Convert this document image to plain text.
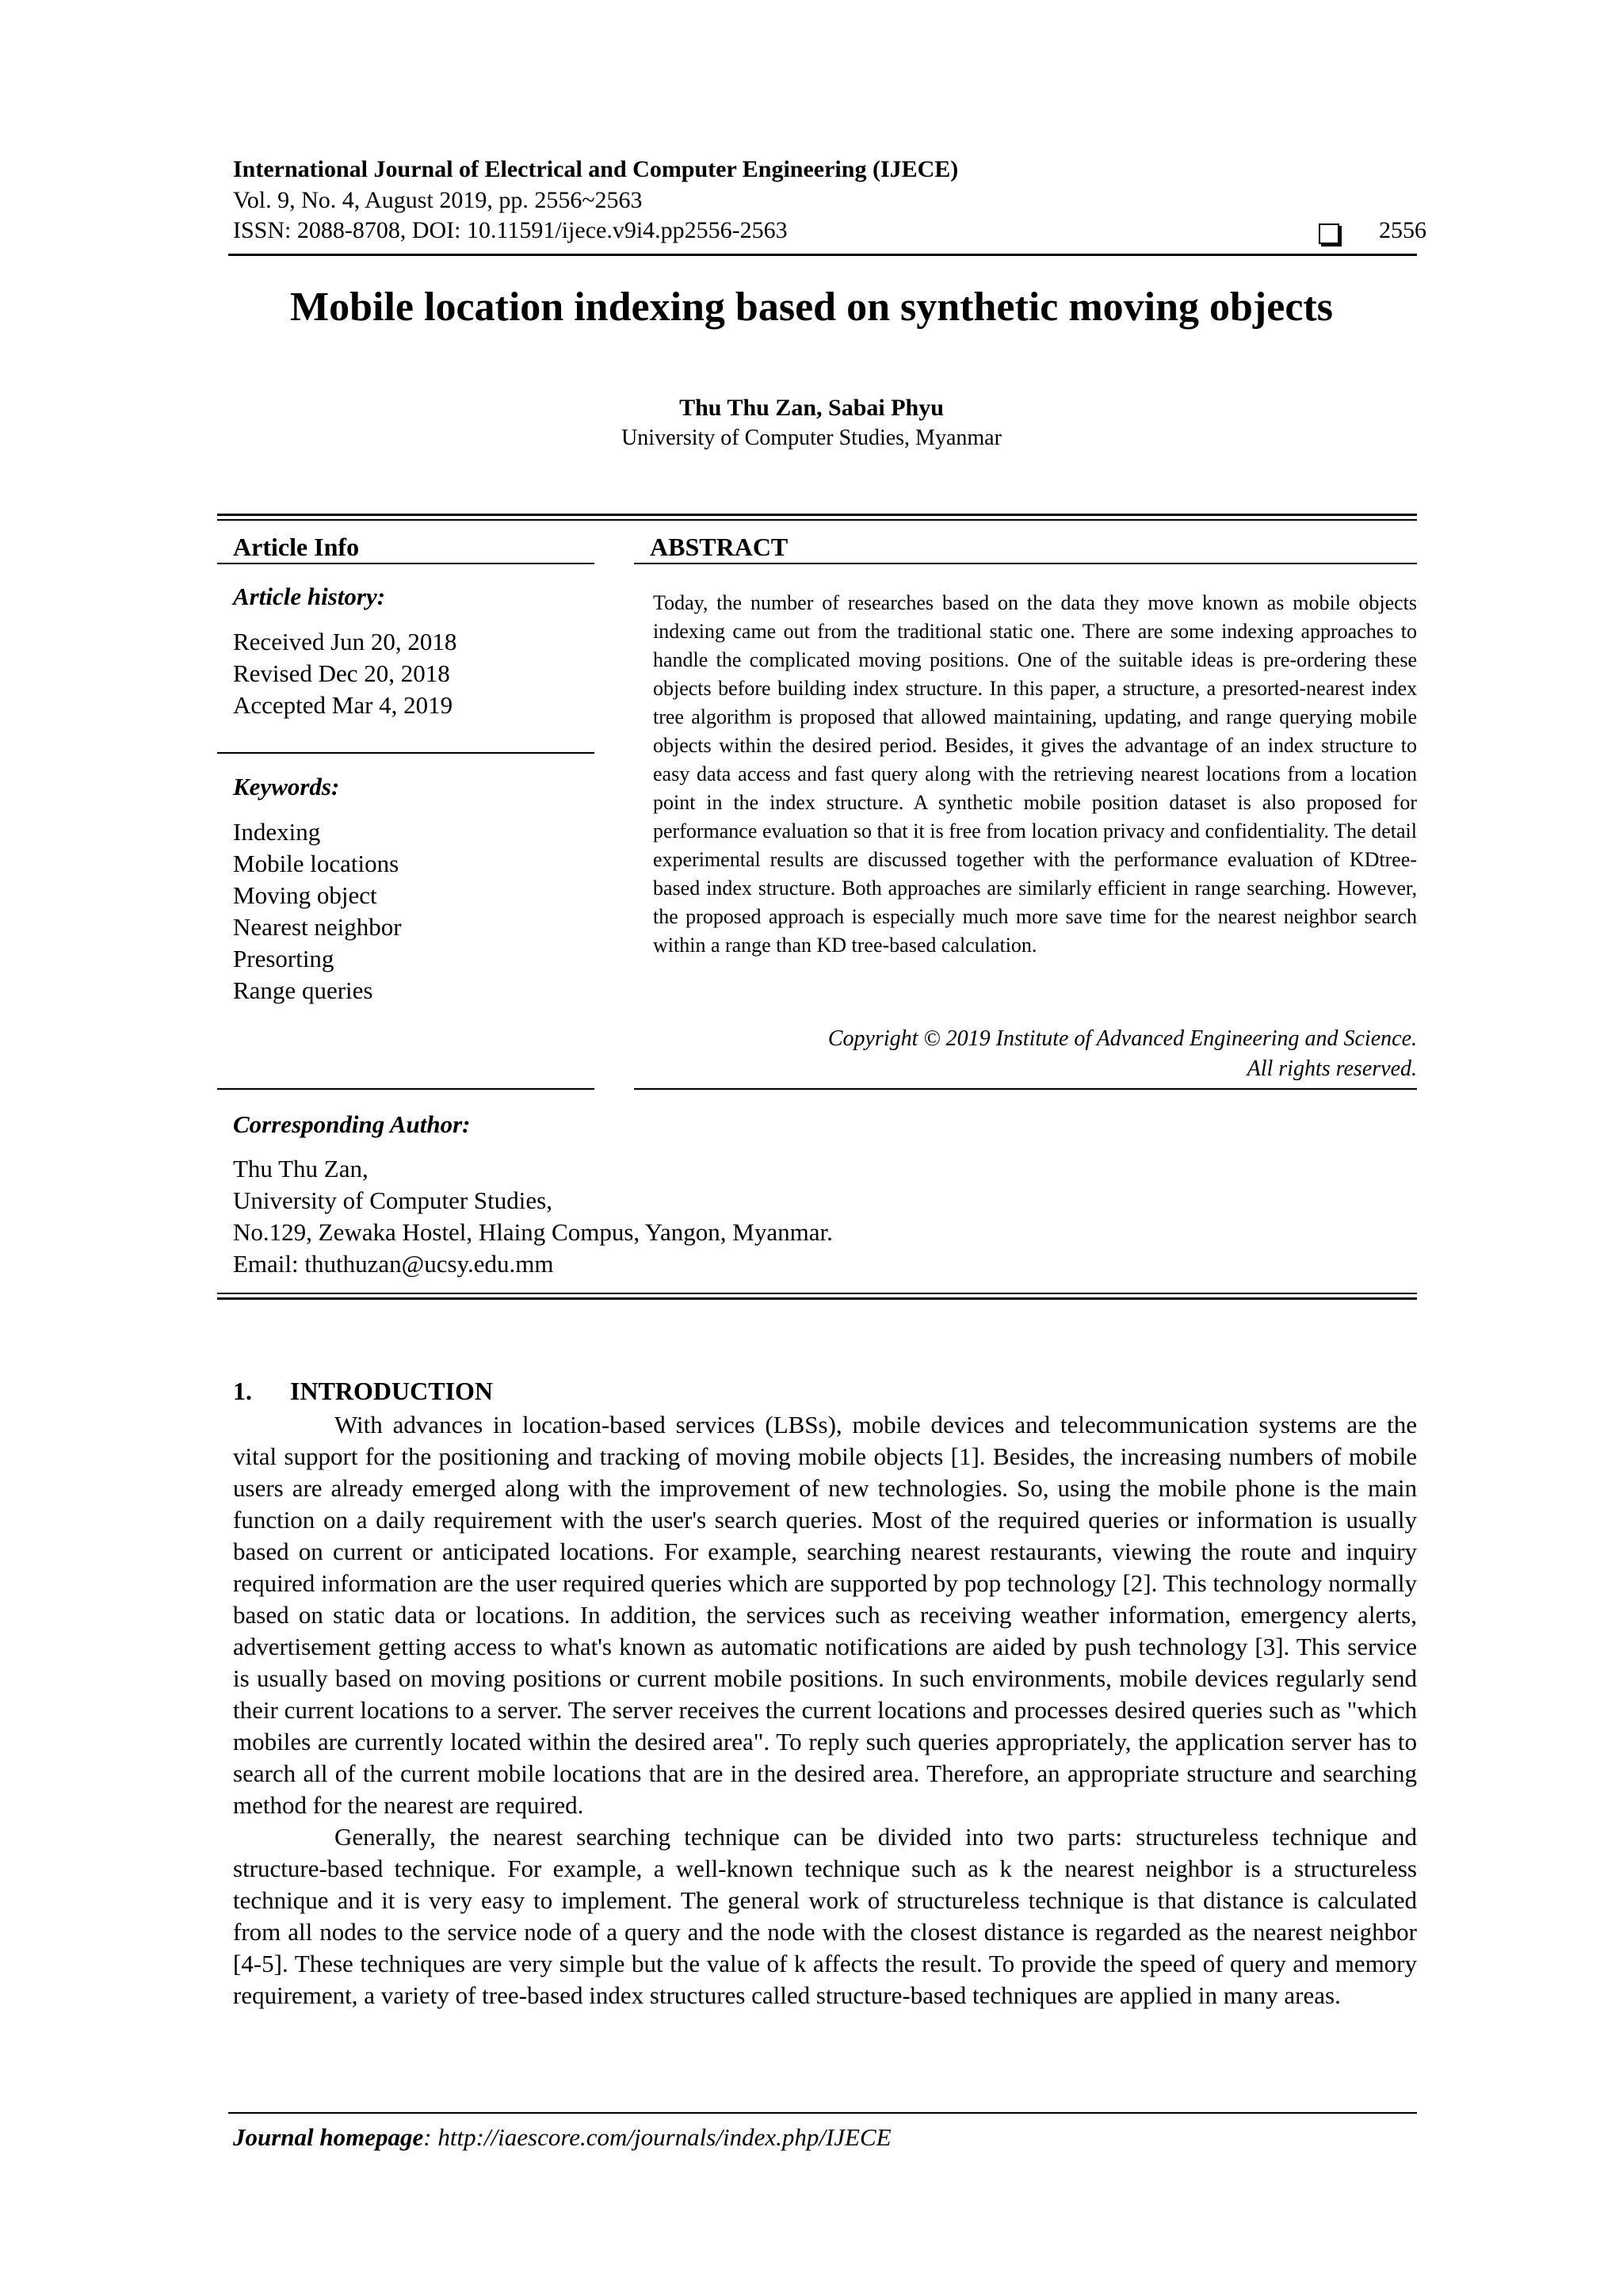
International Journal of Electrical and Computer Engineering (IJECE)
Vol. 9, No. 4, August 2019, pp. 2556~2563
ISSN: 2088-8708, DOI: 10.11591/ijece.v9i4.pp2556-2563	2556
Mobile location indexing based on synthetic moving objects
Thu Thu Zan, Sabai Phyu
University of Computer Studies, Myanmar
Article Info
Article history:
Received Jun 20, 2018
Revised Dec 20, 2018
Accepted Mar 4, 2019
Keywords:
Indexing
Mobile locations
Moving object
Nearest neighbor
Presorting
Range queries
ABSTRACT

Today, the number of researches based on the data they move known as mobile objects indexing came out from the traditional static one. There are some indexing approaches to handle the complicated moving positions. One of the suitable ideas is pre-ordering these objects before building index structure. In this paper, a structure, a presorted-nearest index tree algorithm is proposed that allowed maintaining, updating, and range querying mobile objects within the desired period. Besides, it gives the advantage of an index structure to easy data access and fast query along with the retrieving nearest locations from a location point in the index structure. A synthetic mobile position dataset is also proposed for performance evaluation so that it is free from location privacy and confidentiality. The detail experimental results are discussed together with the performance evaluation of KDtree-based index structure. Both approaches are similarly efficient in range searching. However, the proposed approach is especially much more save time for the nearest neighbor search within a range than KD tree-based calculation.

Copyright © 2019 Institute of Advanced Engineering and Science.
All rights reserved.
Corresponding Author:
Thu Thu Zan,
University of Computer Studies,
No.129, Zewaka Hostel, Hlaing Compus, Yangon, Myanmar.
Email: thuthuzan@ucsy.edu.mm
1.      INTRODUCTION

With advances in location-based services (LBSs), mobile devices and telecommunication systems are the vital support for the positioning and tracking of moving mobile objects [1]. Besides, the increasing numbers of mobile users are already emerged along with the improvement of new technologies. So, using the mobile phone is the main function on a daily requirement with the user's search queries. Most of the required queries or information is usually based on current or anticipated locations. For example, searching nearest restaurants, viewing the route and inquiry required information are the user required queries which are supported by pop technology [2]. This technology normally based on static data or locations. In addition, the services such as receiving weather information, emergency alerts, advertisement getting access to what's known as automatic notifications are aided by push technology [3]. This service is usually based on moving positions or current mobile positions. In such environments, mobile devices regularly send their current locations to a server. The server receives the current locations and processes desired queries such as "which mobiles are currently located within the desired area". To reply such queries appropriately, the application server has to search all of the current mobile locations that are in the desired area. Therefore, an appropriate structure and searching method for the nearest are required.

Generally, the nearest searching technique can be divided into two parts: structureless technique and structure-based technique. For example, a well-known technique such as k the nearest neighbor is a structureless technique and it is very easy to implement. The general work of structureless technique is that distance is calculated from all nodes to the service node of a query and the node with the closest distance is regarded as the nearest neighbor [4-5]. These techniques are very simple but the value of k affects the result. To provide the speed of query and memory requirement, a variety of tree-based index structures called structure-based techniques are applied in many areas.

Journal homepage: http://iaescore.com/journals/index.php/IJECE
